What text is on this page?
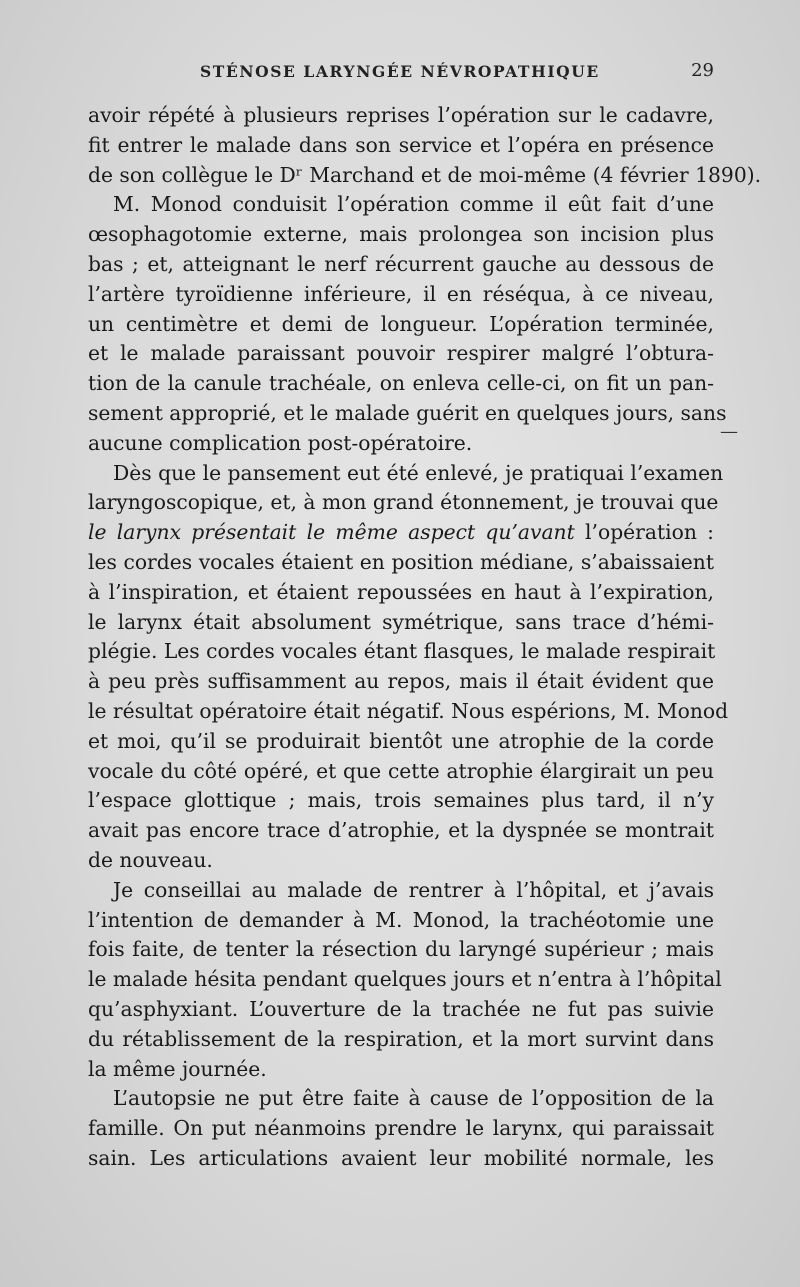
STÉNOSE LARYNGÉE NÉVROPATHIQUE	29
avoir répété à plusieurs reprises l’opération sur le cadavre,
fit entrer le malade dans son service et l’opéra en présence
de son collègue le Dʳ Marchand et de moi-même (4 février 1890).
M. Monod conduisit l’opération comme il eût fait d’une
œsophagotomie externe, mais prolongea son incision plus
bas ; et, atteignant le nerf récurrent gauche au dessous de
l’artère tyroïdienne inférieure, il en réséqua, à ce niveau,
un centimètre et demi de longueur. L’opération terminée,
et le malade paraissant pouvoir respirer malgré l’obtura-
tion de la canule trachéale, on enleva celle-ci, on fit un pan-
sement approprié, et le malade guérit en quelques jours, sans
aucune complication post-opératoire.
Dès que le pansement eut été enlevé, je pratiquai l’examen
laryngoscopique, et, à mon grand étonnement, je trouvai que
le larynx présentait le même aspect qu’avant l’opération :
les cordes vocales étaient en position médiane, s’abaissaient
à l’inspiration, et étaient repoussées en haut à l’expiration,
le larynx était absolument symétrique, sans trace d’hémi-
plégie. Les cordes vocales étant flasques, le malade respirait
à peu près suffisamment au repos, mais il était évident que
le résultat opératoire était négatif. Nous espérions, M. Monod
et moi, qu’il se produirait bientôt une atrophie de la corde
vocale du côté opéré, et que cette atrophie élargirait un peu
l’espace glottique ; mais, trois semaines plus tard, il n’y
avait pas encore trace d’atrophie, et la dyspnée se montrait
de nouveau.
Je conseillai au malade de rentrer à l’hôpital, et j’avais
l’intention de demander à M. Monod, la trachéotomie une
fois faite, de tenter la résection du laryngé supérieur ; mais
le malade hésita pendant quelques jours et n’entra à l’hôpital
qu’asphyxiant. L’ouverture de la trachée ne fut pas suivie
du rétablissement de la respiration, et la mort survint dans
la même journée.
L’autopsie ne put être faite à cause de l’opposition de la
famille. On put néanmoins prendre le larynx, qui paraissait
sain. Les articulations avaient leur mobilité normale, les
—
